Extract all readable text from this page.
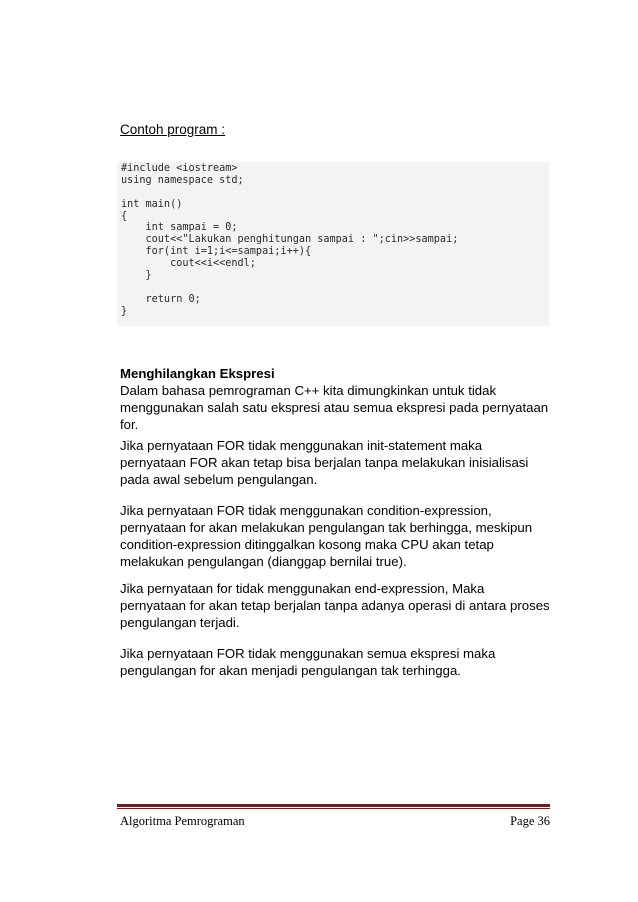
Contoh program :

#include <iostream>
using namespace std;
int main()
{
int sampai = 0;
cout<<"Lakukan penghitungan sampai : ";cin>>sampai;
for(int i=1;i<=sampai;i++){
cout<<i<<endl;
}
return 0;
}
Menghilangkan Ekspresi
Dalam bahasa pemrograman C++ kita dimungkinkan untuk tidak menggunakan salah satu ekspresi atau semua ekspresi pada pernyataan for.

Jika pernyataan FOR tidak menggunakan init-statement maka pernyataan FOR akan tetap bisa berjalan tanpa melakukan inisialisasi pada awal sebelum pengulangan.

Jika pernyataan FOR tidak menggunakan condition-expression, pernyataan for akan melakukan pengulangan tak berhingga, meskipun condition-expression ditinggalkan kosong maka CPU akan tetap melakukan pengulangan (dianggap bernilai true).

Jika pernyataan for tidak menggunakan end-expression, Maka pernyataan for akan tetap berjalan tanpa adanya operasi di antara proses pengulangan terjadi.

Jika pernyataan FOR tidak menggunakan semua ekspresi maka pengulangan for akan menjadi pengulangan tak terhingga.

Algoritma Pemrograman	Page 36
